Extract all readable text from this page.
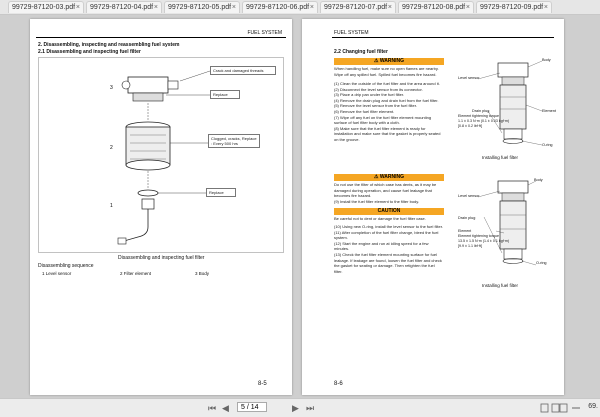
99729-87120-03.pdf ×	99729-87120-04.pdf ×	99729-87120-05.pdf ×	99729-87120-06.pdf ×	99729-87120-07.pdf ×	99729-87120-08.pdf ×	99729-87120-09.pdf ×
FUEL SYSTEM
2. Disassembling, inspecting and reassembling fuel system
2.1 Disassembling and inspecting fuel filter
3
2
1
Crack and damaged threads
Replace
Clogged, cracks, Replace : Every 500 hrs
Replace
Disassembling and inspecting fuel filter
Disassembling sequence
1 Level sensor	2 Filter element	3 Body
8-5
FUEL SYSTEM
2.2 Changing fuel filter
⚠ WARNING
When handling fuel, make sure no open flames are nearby. Wipe off any spilled fuel. Spilled fuel becomes fire hazard.
(1) Clean the outside of the fuel filter and the area around it.
(2) Disconnect the level sensor from its connector.
(3) Place a drip pan under the fuel filter.
(4) Remove the drain plug and drain fuel from the fuel filter.
(5) Remove the level sensor from the fuel filter.
(6) Remove the fuel filter element.
(7) Wipe off any fuel on the fuel filter element mounting surface of fuel filter body with a cloth.
(8) Make sure that the fuel filter element is ready for installation and make sure that the gasket is properly seated on the groove.
⚠ WARNING
Do not use the filter of which case has dents, as it may be damaged during operation, and cause fuel leakage that becomes fire hazard.
(9) Install the fuel filter element to the filter body.
CAUTION
Be careful not to dent or damage the fuel filter case.
(10) Using new O-ring, install the level sensor to the fuel filter.
(11) After completion of the fuel filter change, bleed the fuel system.
(12) Start the engine and run at idling speed for a few minutes.
(13) Check the fuel filter element mounting surface for fuel leakage. If leakage are found, loosen the fuel filter and check the gasket for seating or damage. Then retighten the fuel filter.
Level sensor
Body
Drain plug
Element tightening torque
1.1 ± 0.3 N·m (0.1 ± 0.03 kgf·m)
[0.8 ± 0.2 lbf·ft]
Element
O-ring
Installing fuel filter
Level sensor
Body
Drain plug
Element
Element tightening torque
13.5 ± 1.5 N·m (1.4 ± 0.1 kgf·m)
[9.9 ± 1.1 lbf·ft]
O-ring
Installing fuel filter
8-6
⏮ ◀	5 / 14	▶ ⏭	69.
